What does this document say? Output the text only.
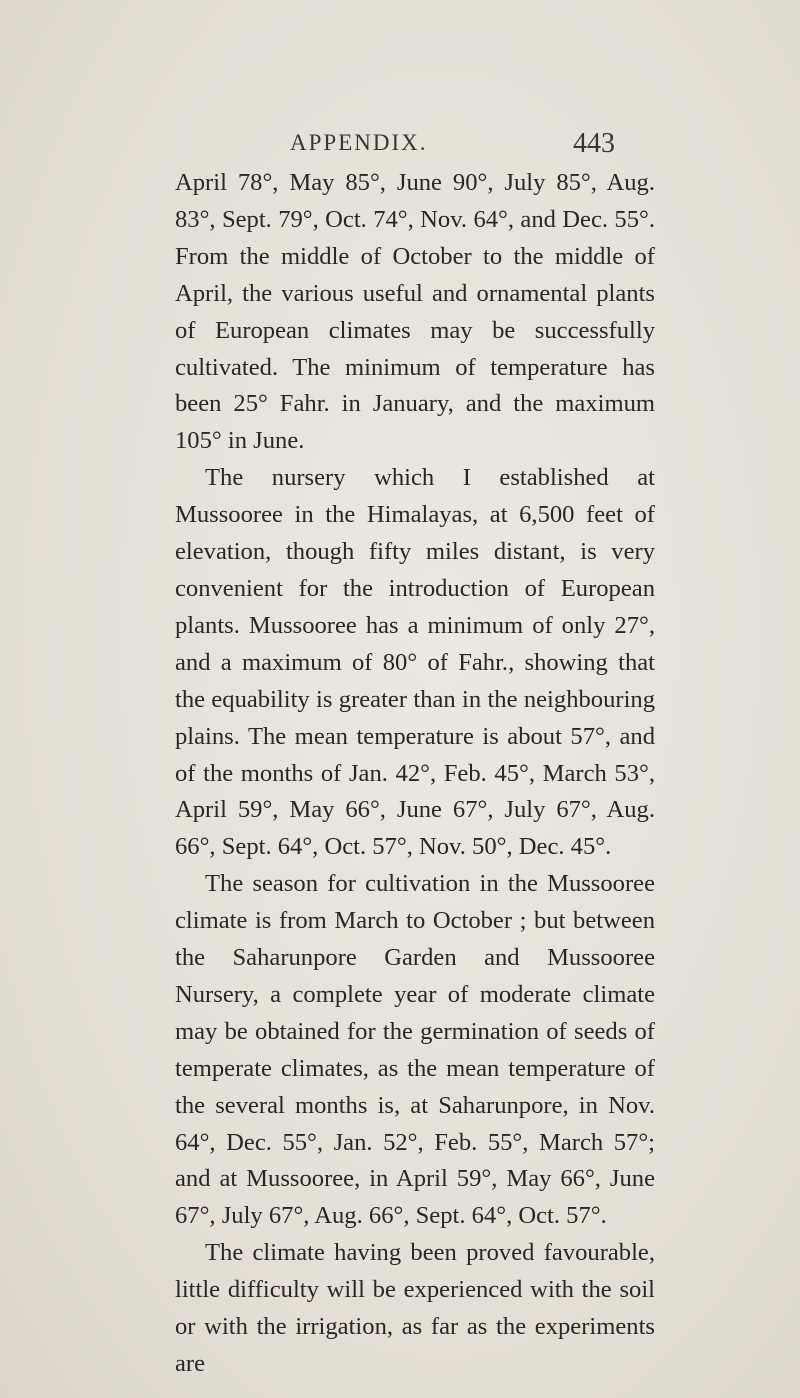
APPENDIX.	443

April 78°, May 85°, June 90°, July 85°, Aug. 83°, Sept. 79°, Oct. 74°, Nov. 64°, and Dec. 55°. From the middle of October to the middle of April, the various useful and ornamental plants of European climates may be successfully cultivated. The minimum of temperature has been 25° Fahr. in January, and the maximum 105° in June.

The nursery which I established at Mussooree in the Himalayas, at 6,500 feet of elevation, though fifty miles distant, is very convenient for the introduction of European plants. Mussooree has a minimum of only 27°, and a maximum of 80° of Fahr., showing that the equability is greater than in the neighbouring plains. The mean temperature is about 57°, and of the months of Jan. 42°, Feb. 45°, March 53°, April 59°, May 66°, June 67°, July 67°, Aug. 66°, Sept. 64°, Oct. 57°, Nov. 50°, Dec. 45°.

The season for cultivation in the Mussooree climate is from March to October ; but between the Saharunpore Garden and Mussooree Nursery, a complete year of moderate climate may be obtained for the germination of seeds of temperate climates, as the mean temperature of the several months is, at Saharunpore, in Nov. 64°, Dec. 55°, Jan. 52°, Feb. 55°, March 57°; and at Mussooree, in April 59°, May 66°, June 67°, July 67°, Aug. 66°, Sept. 64°, Oct. 57°.

The climate having been proved favourable, little difficulty will be experienced with the soil or with the irrigation, as far as the experiments are
